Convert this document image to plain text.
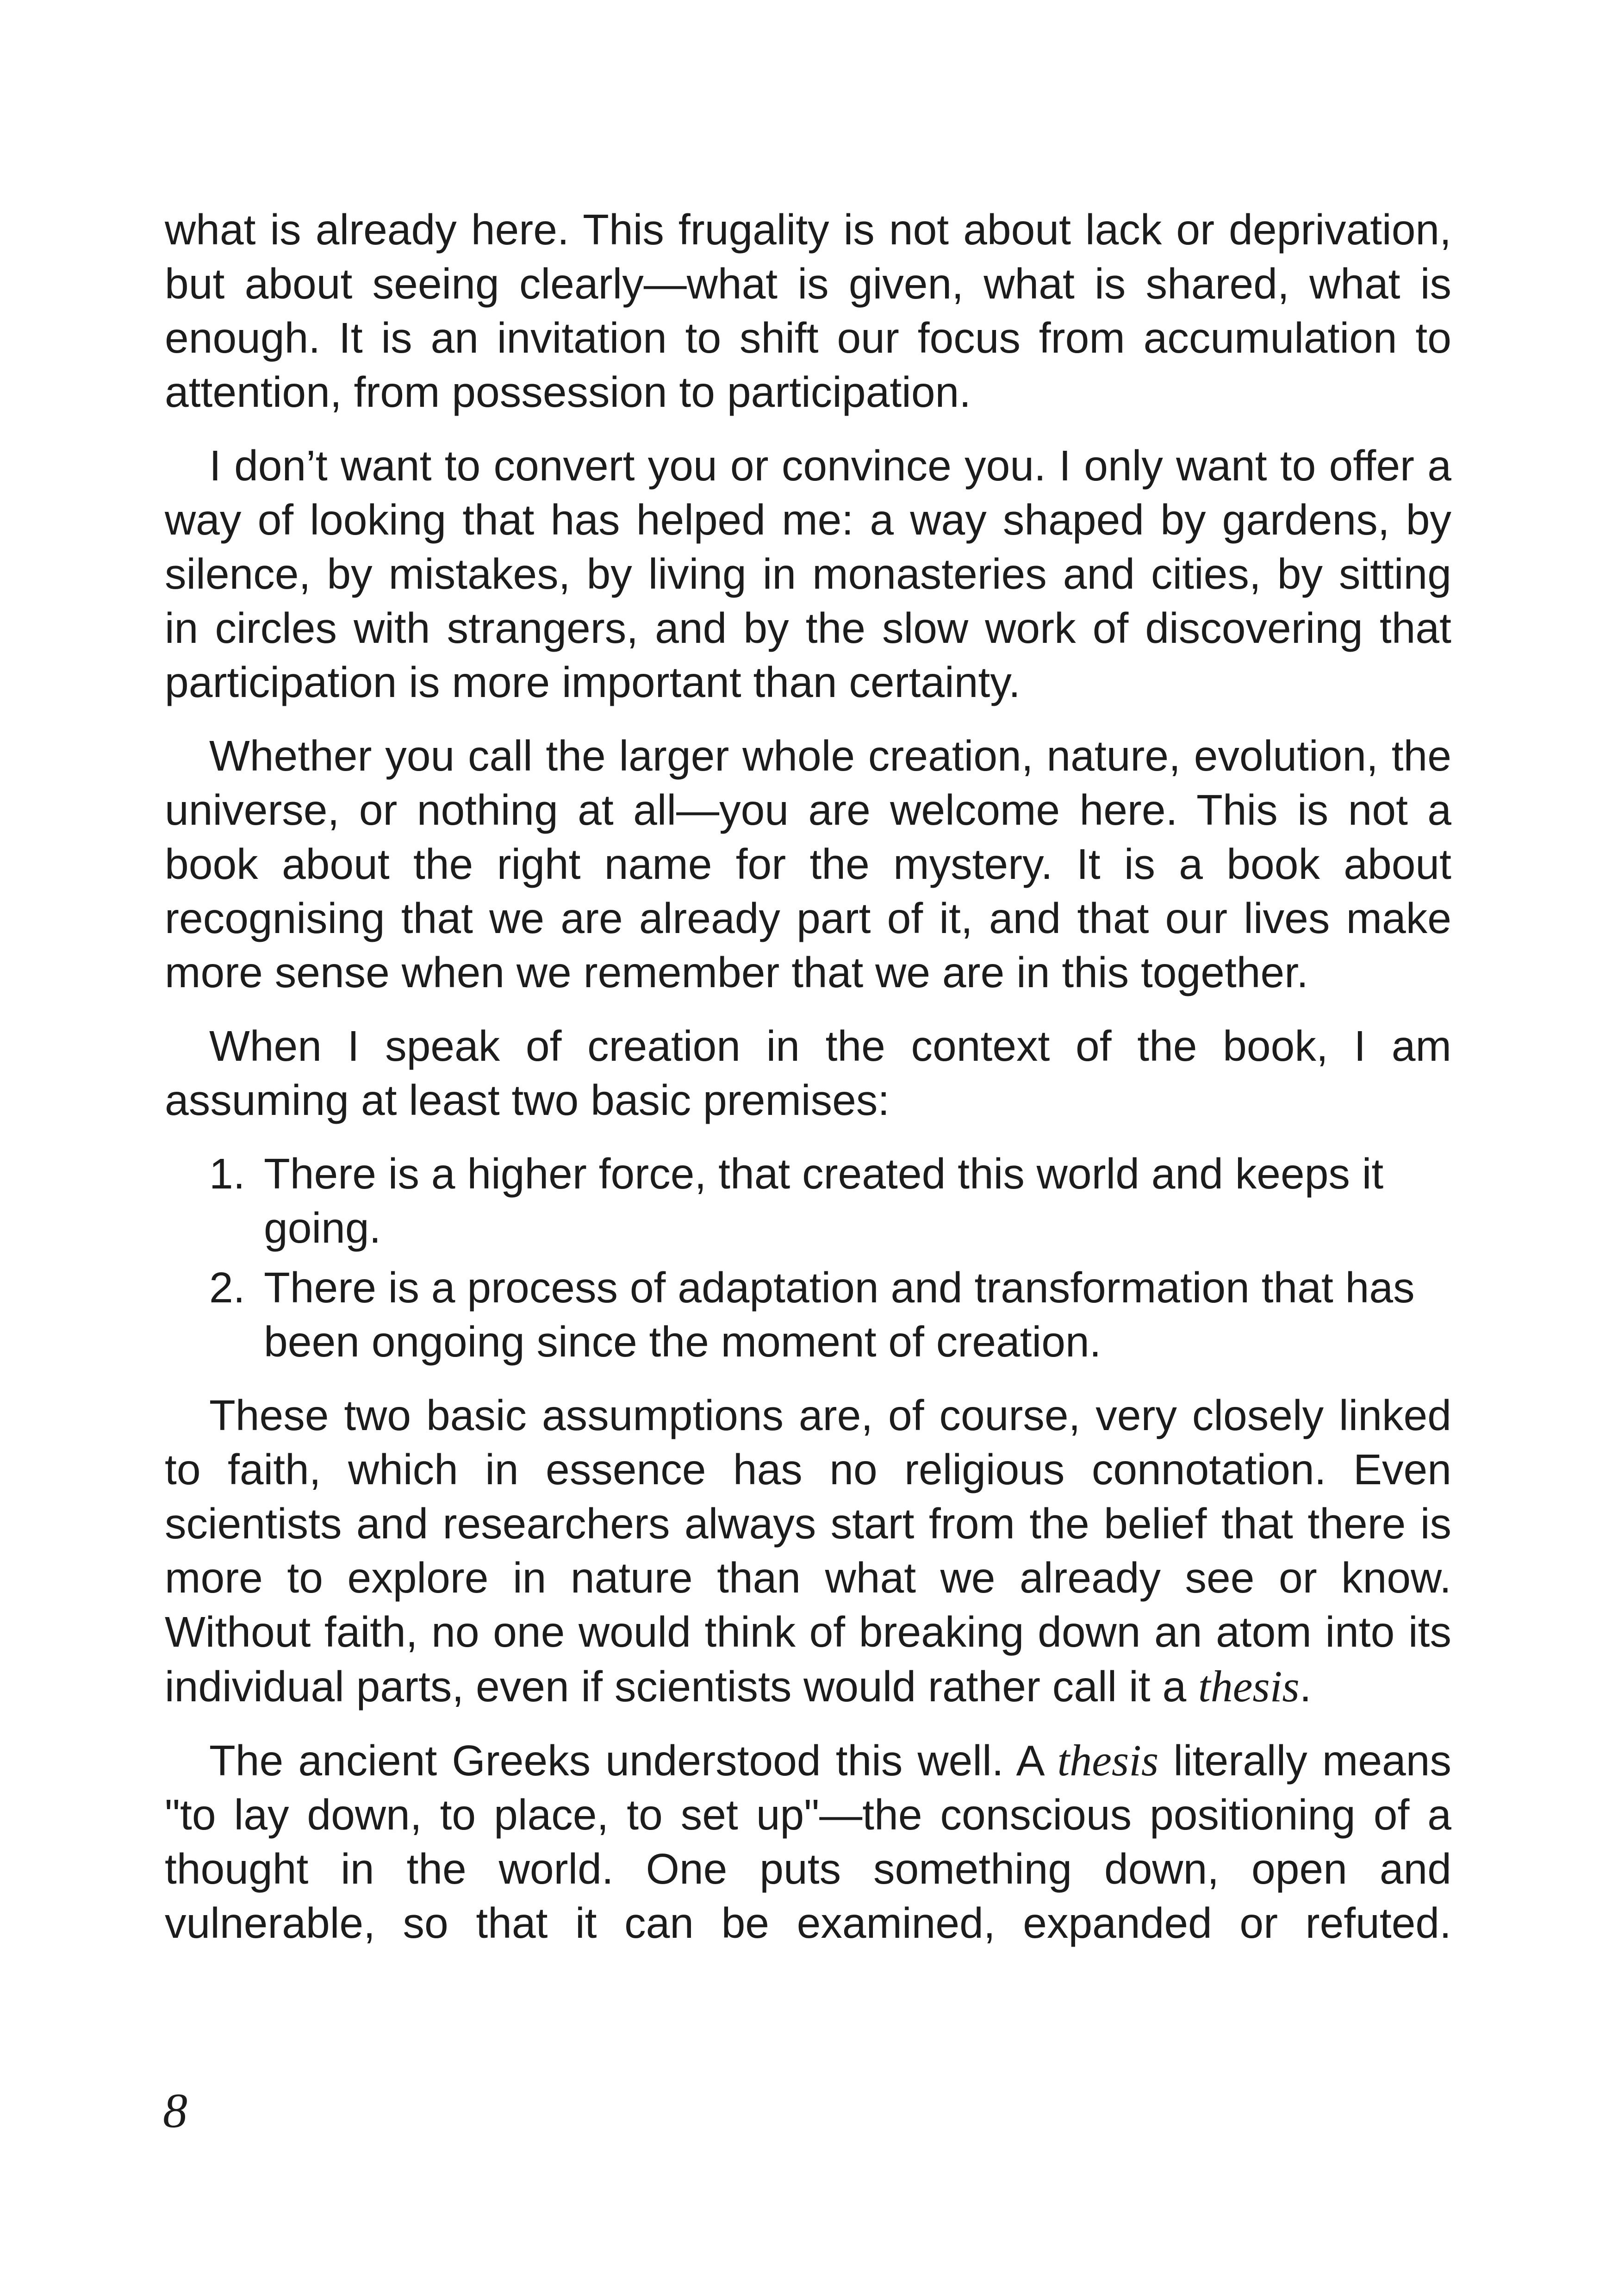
what is already here. This frugality is not about lack or deprivation, but about seeing clearly—what is given, what is shared, what is enough. It is an invitation to shift our focus from accumulation to attention, from possession to participation.

I don’t want to convert you or convince you. I only want to offer a way of looking that has helped me: a way shaped by gardens, by silence, by mistakes, by living in monasteries and cities, by sitting in circles with strangers, and by the slow work of discovering that participation is more important than certainty.

Whether you call the larger whole creation, nature, evolution, the universe, or nothing at all—you are welcome here. This is not a book about the right name for the mystery. It is a book about recognising that we are already part of it, and that our lives make more sense when we remember that we are in this together.

When I speak of creation in the context of the book, I am assuming at least two basic premises:

1. There is a higher force, that created this world and keeps it going.
2. There is a process of adaptation and transformation that has been ongoing since the moment of creation.

These two basic assumptions are, of course, very closely linked to faith, which in essence has no religious connotation. Even scientists and researchers always start from the belief that there is more to explore in nature than what we already see or know. Without faith, no one would think of breaking down an atom into its individual parts, even if scientists would rather call it a thesis.

The ancient Greeks understood this well. A thesis literally means "to lay down, to place, to set up"—the conscious positioning of a thought in the world. One puts something down, open and vulnerable, so that it can be examined, expanded or refuted.

8
